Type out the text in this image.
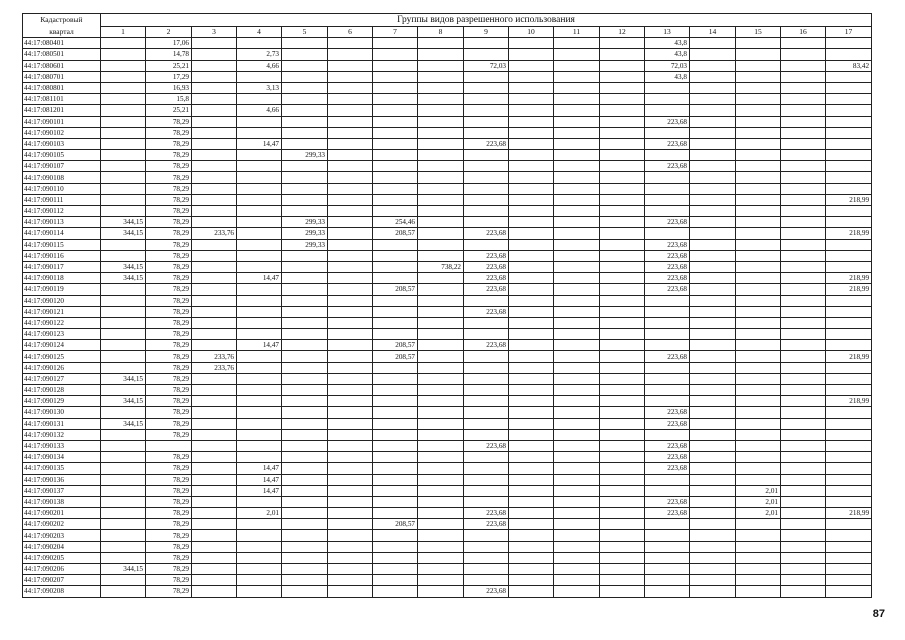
Кадастровый	Группы видов разрешенного использования																
квартал	1	2	3	4	5	6	7	8	9	10	11	12	13	14	15	16	17
44:17:080401		17,06											43,8				
44:17:080501		14,78		2,73									43,8				
44:17:080601		25,21		4,66					72,03				72,03				83,42
44:17:080701		17,29											43,8				
44:17:080801		16,93		3,13													
44:17:081101		15,8															
44:17:081201		25,21		4,66													
44:17:090101		78,29											223,68				
44:17:090102		78,29															
44:17:090103		78,29		14,47					223,68				223,68				
44:17:090105		78,29			299,33												
44:17:090107		78,29											223,68				
44:17:090108		78,29															
44:17:090110		78,29															
44:17:090111		78,29															218,99
44:17:090112		78,29															
44:17:090113	344,15	78,29			299,33		254,46						223,68				
44:17:090114	344,15	78,29	233,76		299,33		208,57		223,68								218,99
44:17:090115		78,29			299,33								223,68				
44:17:090116		78,29							223,68				223,68				
44:17:090117	344,15	78,29						738,22	223,68				223,68				
44:17:090118	344,15	78,29		14,47					223,68				223,68				218,99
44:17:090119		78,29					208,57		223,68				223,68				218,99
44:17:090120		78,29															
44:17:090121		78,29							223,68								
44:17:090122		78,29															
44:17:090123		78,29															
44:17:090124		78,29		14,47			208,57		223,68								
44:17:090125		78,29	233,76				208,57						223,68				218,99
44:17:090126		78,29	233,76														
44:17:090127	344,15	78,29															
44:17:090128		78,29															
44:17:090129	344,15	78,29															218,99
44:17:090130		78,29											223,68				
44:17:090131	344,15	78,29											223,68				
44:17:090132		78,29															
44:17:090133									223,68				223,68				
44:17:090134		78,29											223,68				
44:17:090135		78,29		14,47									223,68				
44:17:090136		78,29		14,47													
44:17:090137		78,29		14,47											2,01		
44:17:090138		78,29											223,68		2,01		
44:17:090201		78,29		2,01					223,68				223,68		2,01		218,99
44:17:090202		78,29					208,57		223,68								
44:17:090203		78,29															
44:17:090204		78,29															
44:17:090205		78,29															
44:17:090206	344,15	78,29															
44:17:090207		78,29															
44:17:090208		78,29							223,68								
87
